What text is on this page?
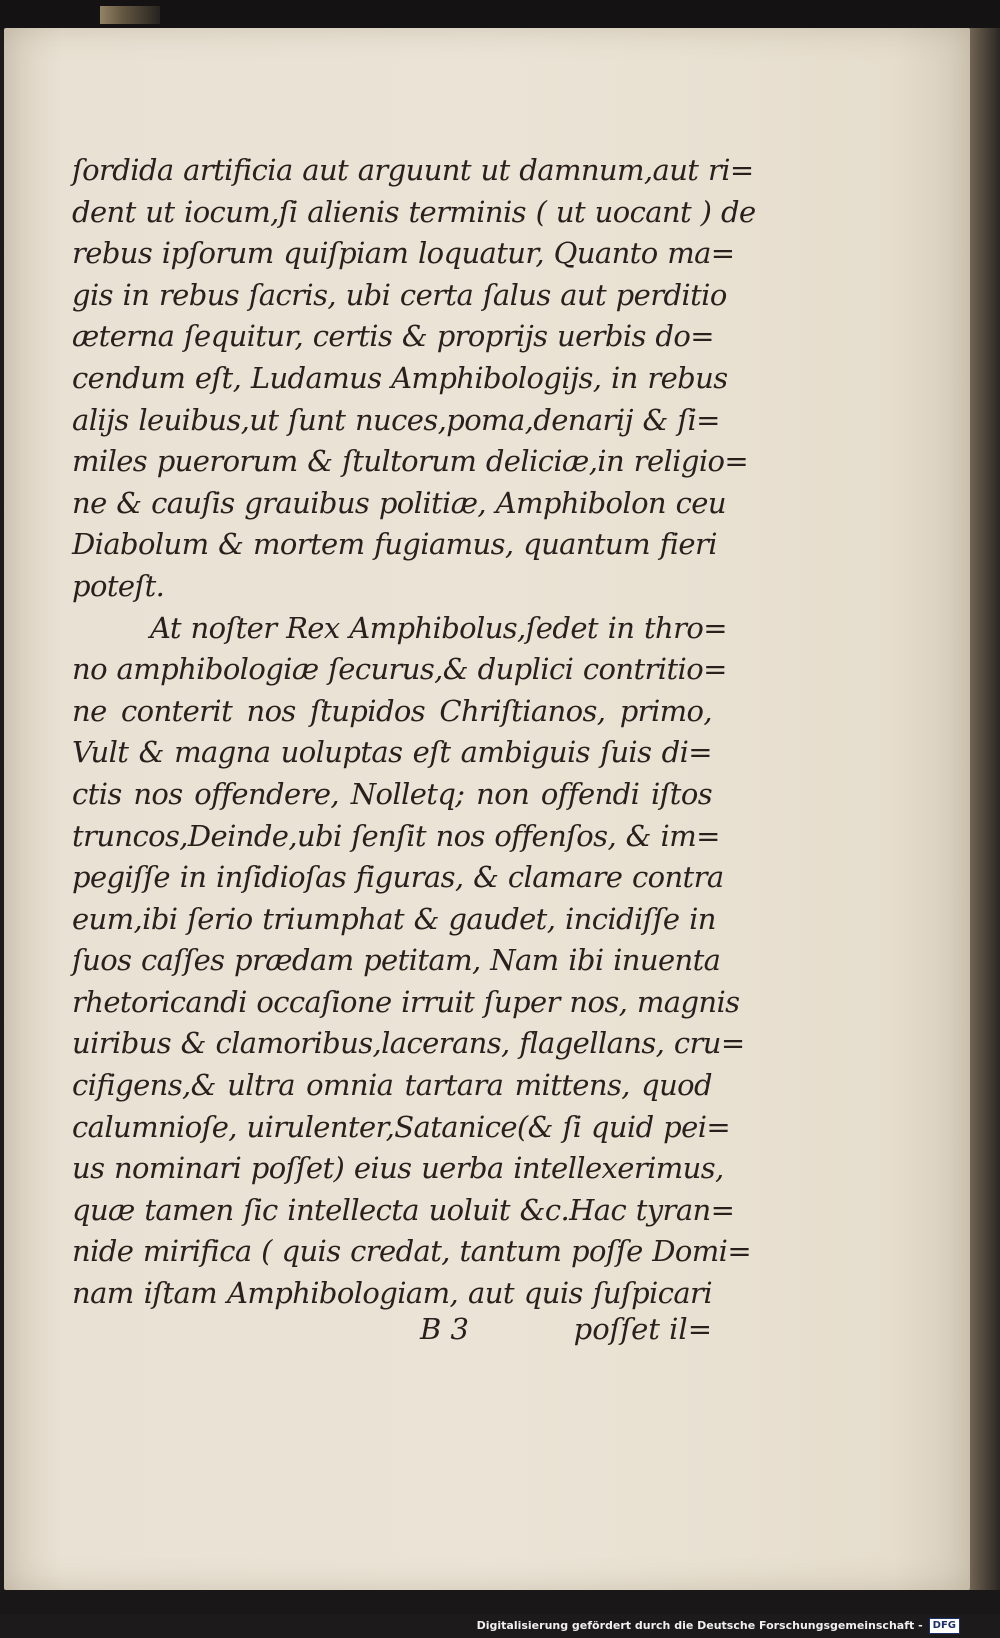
ſordida artificia aut arguunt ut damnum,aut ri=
dent ut iocum,ſi alienis terminis ( ut uocant ) de
rebus ipſorum quiſpiam loquatur, Quanto ma=
gis in rebus ſacris, ubi certa ſalus aut perditio
æterna ſequitur, certis & proprijs uerbis do=
cendum eſt, Ludamus Amphibologijs, in rebus
alijs leuibus,ut ſunt nuces,poma,denarij & ſi=
miles puerorum & ſtultorum deliciæ,in religio=
ne & cauſis grauibus politiæ, Amphibolon ceu
Diabolum & mortem fugiamus, quantum fieri
poteſt.
At noſter Rex Amphibolus,ſedet in thro=
no amphibologiæ ſecurus,& duplici contritio=
ne conterit nos ſtupidos Chriſtianos, primo,
Vult & magna uoluptas eſt ambiguis ſuis di=
ctis nos offendere, Nolletq; non offendi iſtos
truncos,Deinde,ubi ſenſit nos offenſos, & im=
pegiſſe in inſidioſas figuras, & clamare contra
eum,ibi ſerio triumphat & gaudet, incidiſſe in
ſuos caſſes prædam petitam, Nam ibi inuenta
rhetoricandi occaſione irruit ſuper nos, magnis
uiribus & clamoribus,lacerans, flagellans, cru=
cifigens,& ultra omnia tartara mittens, quod
calumnioſe, uirulenter,Satanice(& ſi quid pei=
us nominari poſſet) eius uerba intellexerimus,
quæ tamen ſic intellecta uoluit &c.Hac tyran=
nide mirifica ( quis credat, tantum poſſe Domi=
nam iſtam Amphibologiam, aut quis ſuſpicari
B 3	poſſet il=
Digitalisierung gefördert durch die Deutsche Forschungsgemeinschaft -	DFG
